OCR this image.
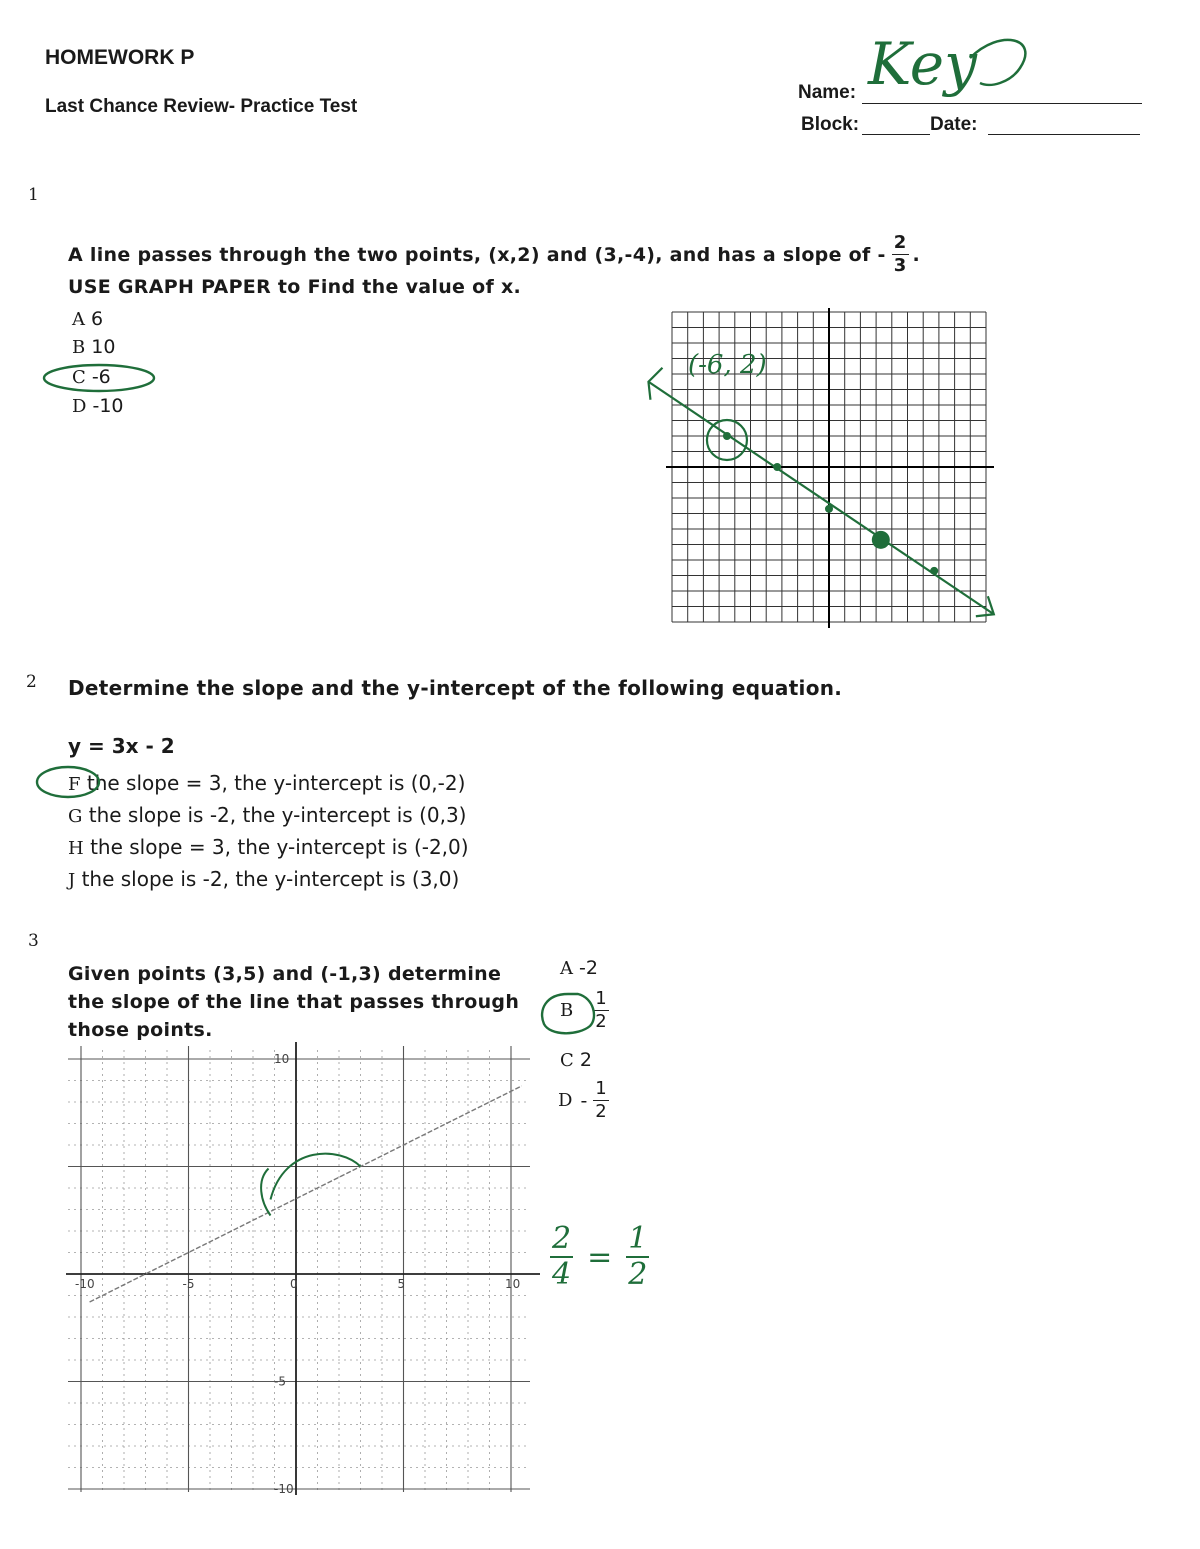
HOMEWORK P
Last Chance Review- Practice Test
Name: Key
Block:	Date:
1
A line passes through the two points, (x,2) and (3,-4), and has a slope of - $\frac{2}{3}$ .
USE GRAPH PAPER to Find the value of x.
A 6
B 10
C -6
D -10
(-6, 2)
2 Determine the slope and the y-intercept of the following equation.
y = 3x - 2
F the slope = 3, the y-intercept is (0,-2)
G the slope is -2, the y-intercept is (0,3)
H the slope = 3, the y-intercept is (-2,0)
J the slope is -2, the y-intercept is (3,0)
3
Given points (3,5) and (-1,3) determine
the slope of the line that passes through
those points.
A -2
B $\frac{1}{2}$
C 2
D - $\frac{1}{2}$
$\frac{2}{4} = \frac{1}{2}$
-10	-5	0	5	10
10
-5
-10
